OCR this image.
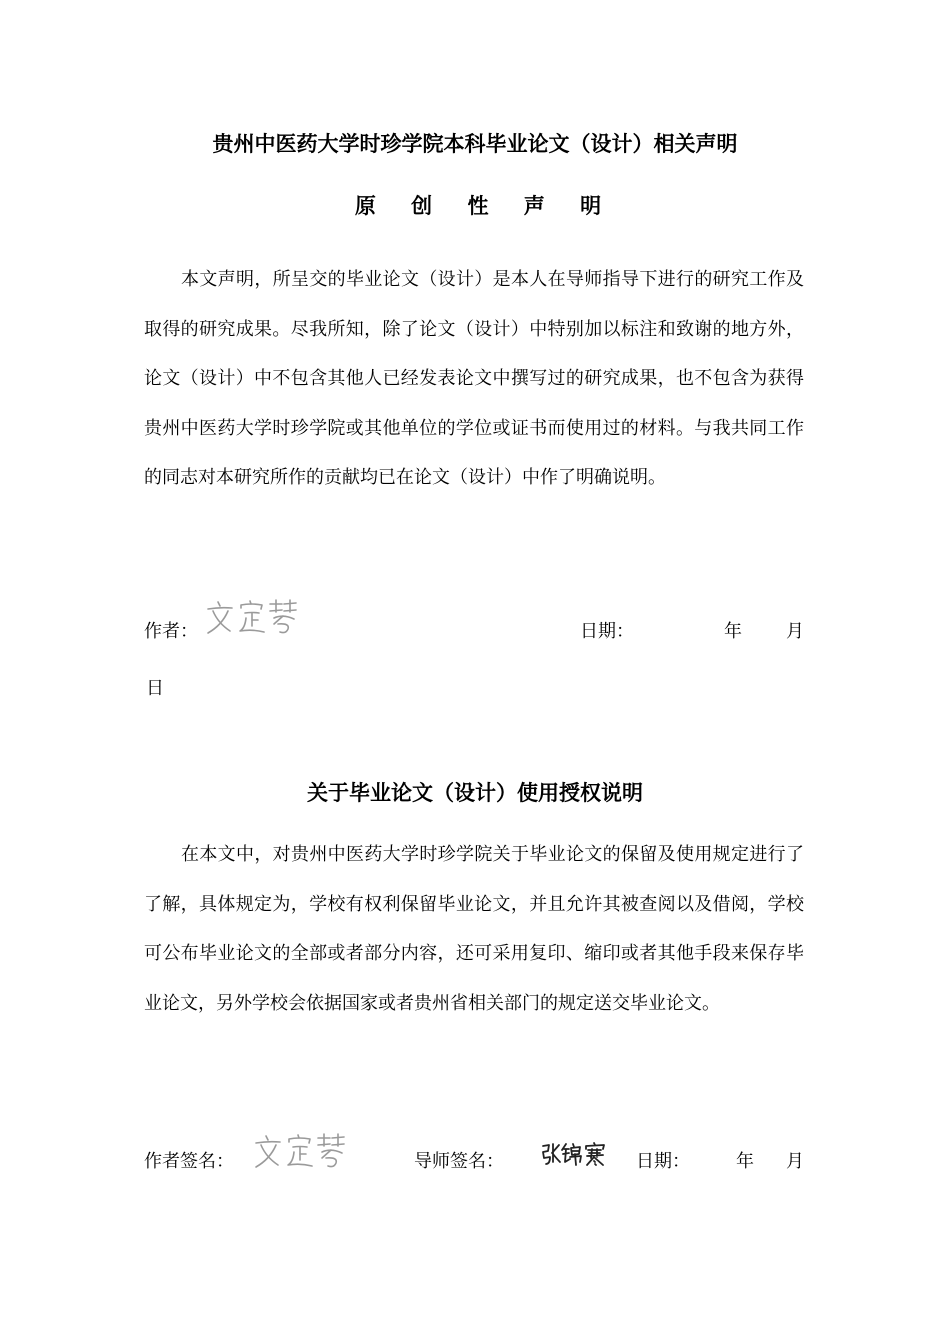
贵州中医药大学时珍学院本科毕业论文（设计）相关声明
原 创 性 声 明
本文声明，所呈交的毕业论文（设计）是本人在导师指导下进行的研究工作及取得的研究成果。尽我所知，除了论文（设计）中特别加以标注和致谢的地方外，论文（设计）中不包含其他人已经发表论文中撰写过的研究成果，也不包含为获得贵州中医药大学时珍学院或其他单位的学位或证书而使用过的材料。与我共同工作的同志对本研究所作的贡献均已在论文（设计）中作了明确说明。
作者：	日期：	年 月
日
关于毕业论文（设计）使用授权说明
在本文中，对贵州中医药大学时珍学院关于毕业论文的保留及使用规定进行了了解，具体规定为，学校有权利保留毕业论文，并且允许其被查阅以及借阅，学校可公布毕业论文的全部或者部分内容，还可采用复印、缩印或者其他手段来保存毕业论文，另外学校会依据国家或者贵州省相关部门的规定送交毕业论文。
作者签名：	导师签名：	日期：	年 月
